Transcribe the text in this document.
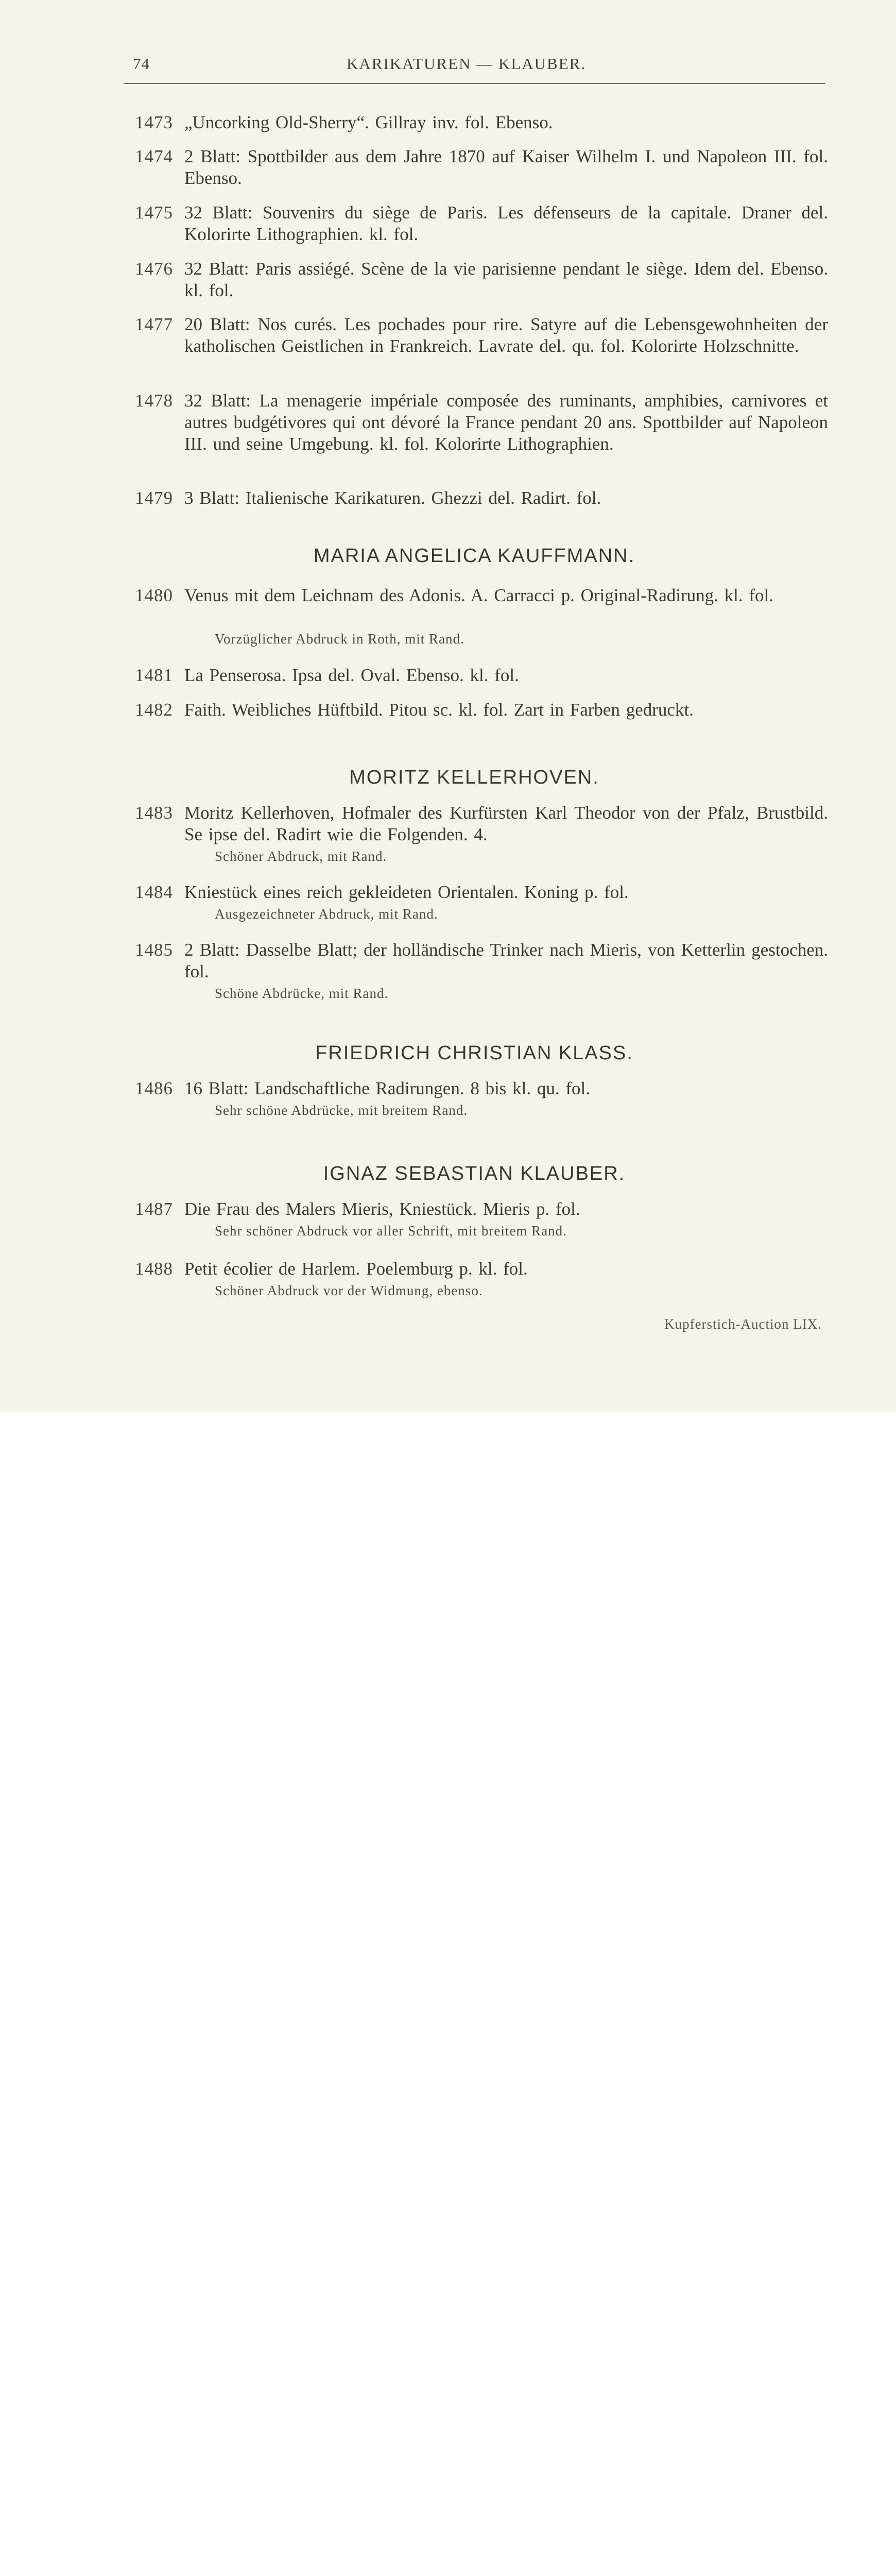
74	KARIKATUREN — KLAUBER.
1473 „Uncorking Old-Sherry“. Gillray inv. fol. Ebenso.
1474 2 Blatt: Spottbilder aus dem Jahre 1870 auf Kaiser Wilhelm I. und Napoleon III. fol. Ebenso.
1475 32 Blatt: Souvenirs du siège de Paris. Les défenseurs de la capitale. Draner del. Kolorirte Lithographien. kl. fol.
1476 32 Blatt: Paris assiégé. Scène de la vie parisienne pendant le siège. Idem del. Ebenso. kl. fol.
1477 20 Blatt: Nos curés. Les pochades pour rire. Satyre auf die Lebensgewohnheiten der katholischen Geistlichen in Frankreich. Lavrate del. qu. fol. Kolorirte Holzschnitte.
1478 32 Blatt: La menagerie impériale composée des ruminants, amphibies, carnivores et autres budgétivores qui ont dévoré la France pendant 20 ans. Spottbilder auf Napoleon III. und seine Umgebung. kl. fol. Kolorirte Lithographien.
1479 3 Blatt: Italienische Karikaturen. Ghezzi del. Radirt. fol.
MARIA ANGELICA KAUFFMANN.
1480 Venus mit dem Leichnam des Adonis. A. Carracci p. Original-Radirung. kl. fol.
Vorzüglicher Abdruck in Roth, mit Rand.
1481 La Penserosa. Ipsa del. Oval. Ebenso. kl. fol.
1482 Faith. Weibliches Hüftbild. Pitou sc. kl. fol. Zart in Farben gedruckt.
MORITZ KELLERHOVEN.
1483 Moritz Kellerhoven, Hofmaler des Kurfürsten Karl Theodor von der Pfalz, Brustbild. Se ipse del. Radirt wie die Folgenden. 4.
Schöner Abdruck, mit Rand.
1484 Kniestück eines reich gekleideten Orientalen. Koning p. fol.
Ausgezeichneter Abdruck, mit Rand.
1485 2 Blatt: Dasselbe Blatt; der holländische Trinker nach Mieris, von Ketterlin gestochen. fol.
Schöne Abdrücke, mit Rand.
FRIEDRICH CHRISTIAN KLASS.
1486 16 Blatt: Landschaftliche Radirungen. 8 bis kl. qu. fol.
Sehr schöne Abdrücke, mit breitem Rand.
IGNAZ SEBASTIAN KLAUBER.
1487 Die Frau des Malers Mieris, Kniestück. Mieris p. fol.
Sehr schöner Abdruck vor aller Schrift, mit breitem Rand.
1488 Petit écolier de Harlem. Poelemburg p. kl. fol.
Schöner Abdruck vor der Widmung, ebenso.
Kupferstich-Auction LIX.
